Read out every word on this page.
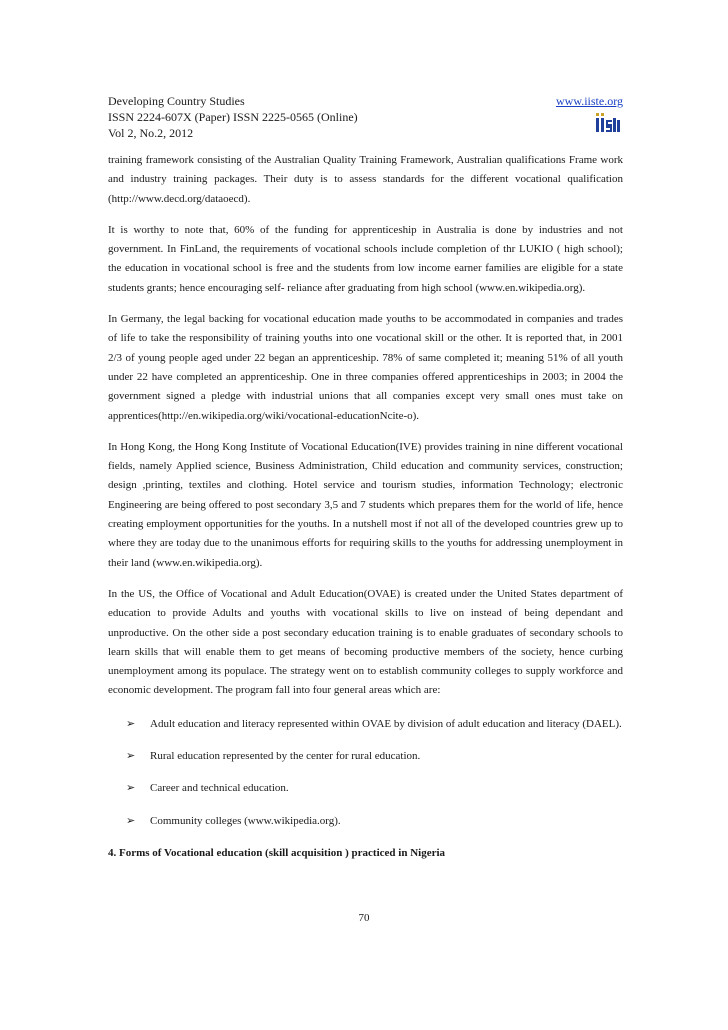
Developing Country Studies
ISSN 2224-607X (Paper) ISSN 2225-0565 (Online)
Vol 2, No.2, 2012
www.iiste.org

training framework consisting of the Australian Quality Training Framework, Australian qualifications Frame work and industry training packages. Their duty is to assess standards for the different vocational qualification (http://www.decd.org/dataoecd).

It is worthy to note that, 60% of the funding for apprenticeship in Australia is done by industries and not government. In FinLand, the requirements of vocational schools include completion of thr LUKIO ( high school); the education in vocational school is free and the students from low income earner families are eligible for a state students grants; hence encouraging self- reliance after graduating from high school (www.en.wikipedia.org).

In Germany, the legal backing for vocational education made youths to be accommodated in companies and trades of life to take the responsibility of training youths into one vocational skill or the other. It is reported that, in 2001 2/3 of young people aged under 22 began an apprenticeship. 78% of same completed it; meaning 51% of all youth under 22 have completed an apprenticeship. One in three companies offered apprenticeships in 2003; in 2004 the government signed a pledge with industrial unions that all companies except very small ones must take on apprentices(http://en.wikipedia.org/wiki/vocational-educationNcite-o).

In Hong Kong, the Hong Kong Institute of Vocational Education(IVE) provides training in nine different vocational fields, namely Applied science, Business Administration, Child education and community services, construction; design ,printing, textiles and clothing. Hotel service and tourism studies, information Technology; electronic Engineering are being offered to post secondary 3,5 and 7 students which prepares them for the world of life, hence creating employment opportunities for the youths. In a nutshell most if not all of the developed countries grew up to where they are today due to the unanimous efforts for requiring skills to the youths for addressing unemployment in their land (www.en.wikipedia.org).

In the US, the Office of Vocational and Adult Education(OVAE) is created under the United States department of education to provide Adults and youths with vocational skills to live on instead of being dependant and unproductive. On the other side a post secondary education training is to enable graduates of secondary schools to learn skills that will enable them to get means of becoming productive members of the society, hence curbing unemployment among its populace. The strategy went on to establish community colleges to supply workforce and economic development. The program fall into four general areas which are:

➢ Adult education and literacy represented within OVAE by division of adult education and literacy (DAEL).
➢ Rural education represented by the center for rural education.
➢ Career and technical education.
➢ Community colleges (www.wikipedia.org).
4. Forms of Vocational education (skill acquisition ) practiced in Nigeria
70
